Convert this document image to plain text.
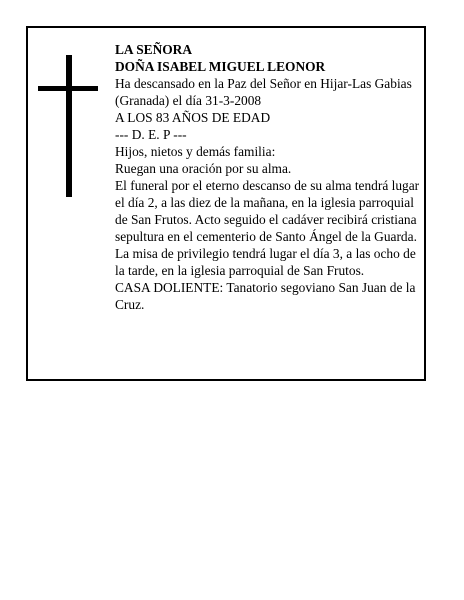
LA SEÑORA

DOÑA ISABEL MIGUEL LEONOR

Ha descansado en la Paz del Señor en Hijar-Las Gabias (Granada) el día 31-3-2008

A LOS 83 AÑOS DE EDAD

--- D. E. P ---

Hijos, nietos y demás familia:

Ruegan una oración por su alma.

El funeral por el eterno descanso de su alma tendrá lugar el día 2, a las diez de la mañana, en la iglesia parroquial de San Frutos. Acto seguido el cadáver recibirá cristiana sepultura en el cementerio de Santo Ángel de la Guarda. La misa de privilegio tendrá lugar el día 3, a las ocho de la tarde, en la iglesia parroquial de San Frutos.

CASA DOLIENTE: Tanatorio segoviano San Juan de la Cruz.
